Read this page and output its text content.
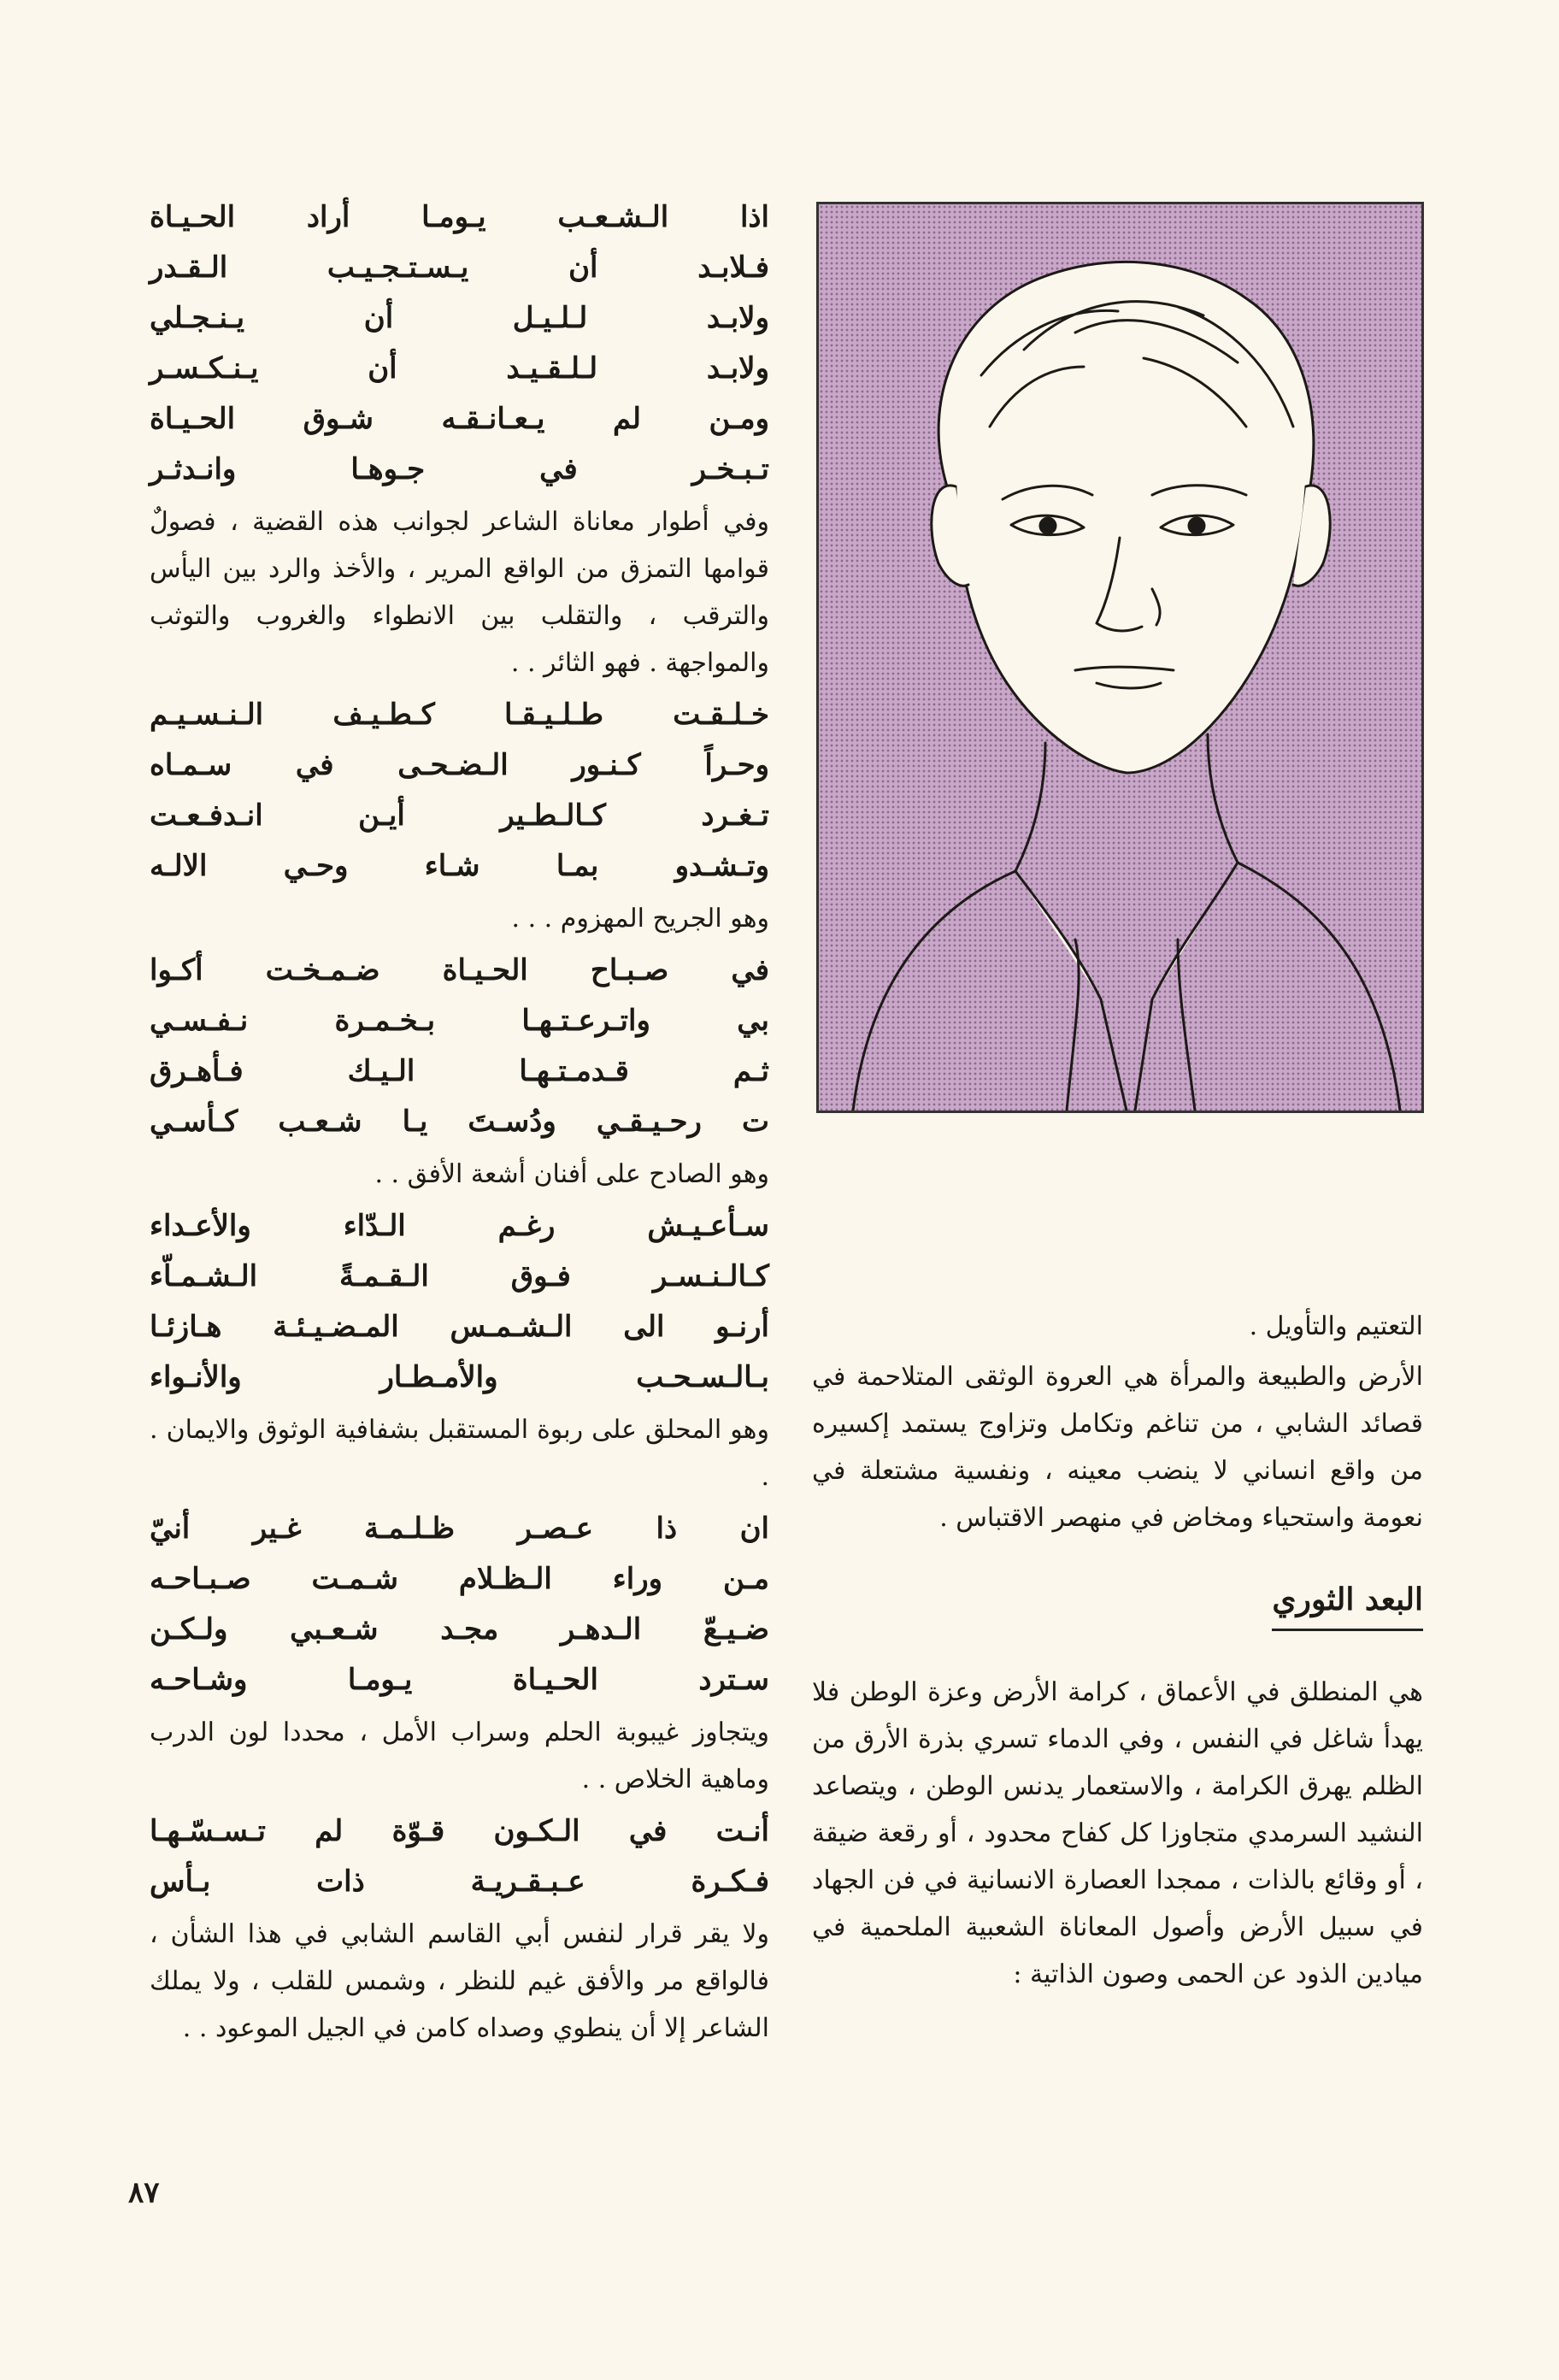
اذا الـشـعـب يـومـا أراد الحـيـاة
فـلابـد أن يـسـتـجـيـب الـقـدر
ولابـد لـلـيـل أن يـنـجـلي
ولابـد لـلـقـيـد أن يـنـكـسـر
ومـن لم يـعـانـقـه شـوق الحـيـاة
تـبـخـر في جـوهـا وانـدثـر

وفي أطوار معاناة الشاعر لجوانب هذه القضية ، فصولٌ قوامها التمزق من الواقع المرير ، والأخذ والرد بين اليأس والترقب ، والتقلب بين الانطواء والغروب والتوثب والمواجهة . فهو الثائر . .

خـلـقـت طـلـيـقـا كـطـيـف الـنـسـيـم
وحـراً كـنـور الـضـحـى في سـمـاه
تـغـرد كـالـطـير أيـن انـدفـعـت
وتـشـدو بمـا شـاء وحـي الالـه

وهو الجريح المهزوم . . .

في صـبـاح الحـيـاة ضـمـخـت أكـوا
بي واتـرعـتـهـا بـخـمـرة نـفـسـي
ثـم قـدمـتـهـا الـيـك فـأهـرق
ت رحـيـقـي ودُسـتَ يـا شـعـب كـأسـي

وهو الصادح على أفنان أشعة الأفق . .

سـأعـيـش رغـم الـدّاء والأعـداء
كـالـنـسـر فـوق الـقـمـةً الـشـمـاّء
أرنـو الى الـشـمـس المـضـيـئـة هـازئـا
بـالـسـحـب والأمـطـار والأنـواء

وهو المحلق على ربوة المستقبل بشفافية الوثوق والايمان . .

ان ذا عـصـر ظـلـمـة غـير أنيّ
مـن وراء الـظـلام شـمـت صـبـاحـه
ضـيـعّ الـدهـر مجـد شـعـبي ولـكـن
سـترد الحـيـاة يـومـا وشـاحـه

ويتجاوز غيبوبة الحلم وسراب الأمل ، محددا لون الدرب وماهية الخلاص . .

أنـت في الـكـون قـوّة لم تـسـسّـهـا
فـكـرة عـبـقـريـة ذات بـأس

ولا يقر قرار لنفس أبي القاسم الشابي في هذا الشأن ، فالواقع مر والأفق غيم للنظر ، وشمس للقلب ، ولا يملك الشاعر إلا أن ينطوي وصداه كامن في الجيل الموعود . .

التعتيم والتأويل .

الأرض والطبيعة والمرأة هي العروة الوثقى المتلاحمة في قصائد الشابي ، من تناغم وتكامل وتزاوج يستمد إكسيره من واقع انساني لا ينضب معينه ، ونفسية مشتعلة في نعومة واستحياء ومخاض في منهصر الاقتباس .

البعد الثوري

هي المنطلق في الأعماق ، كرامة الأرض وعزة الوطن فلا يهدأ شاغل في النفس ، وفي الدماء تسري بذرة الأرق من الظلم يهرق الكرامة ، والاستعمار يدنس الوطن ، ويتصاعد النشيد السرمدي متجاوزا كل كفاح محدود ، أو رقعة ضيقة ، أو وقائع بالذات ، ممجدا العصارة الانسانية في فن الجهاد في سبيل الأرض وأصول المعاناة الشعبية الملحمية في ميادين الذود عن الحمى وصون الذاتية :

٨٧
